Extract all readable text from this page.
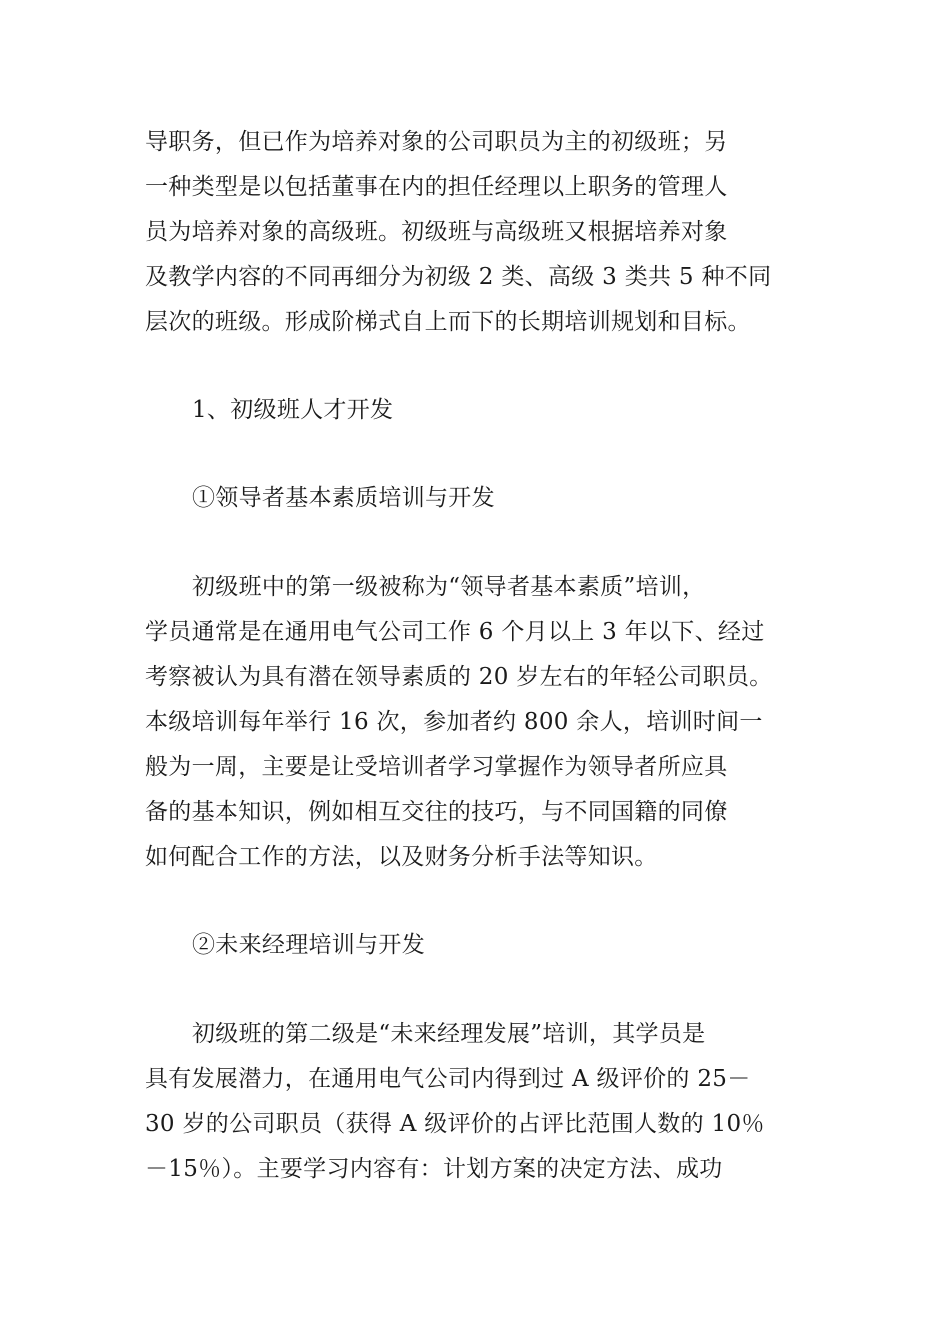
导职务，但已作为培养对象的公司职员为主的初级班；另
一种类型是以包括董事在内的担任经理以上职务的管理人
员为培养对象的高级班。初级班与高级班又根据培养对象
及教学内容的不同再细分为初级 2 类、高级 3 类共 5 种不同
层次的班级。形成阶梯式自上而下的长期培训规划和目标。
1、初级班人才开发
①领导者基本素质培训与开发
初级班中的第一级被称为“领导者基本素质”培训，
学员通常是在通用电气公司工作 6 个月以上 3 年以下、经过
考察被认为具有潜在领导素质的 20 岁左右的年轻公司职员。
本级培训每年举行 16 次，参加者约 800 余人，培训时间一
般为一周，主要是让受培训者学习掌握作为领导者所应具
备的基本知识，例如相互交往的技巧，与不同国籍的同僚
如何配合工作的方法，以及财务分析手法等知识。
②未来经理培训与开发
初级班的第二级是“未来经理发展”培训，其学员是
具有发展潜力，在通用电气公司内得到过 A 级评价的 25－
30 岁的公司职员（获得 A 级评价的占评比范围人数的 10％
－15％）。主要学习内容有：计划方案的决定方法、成功
